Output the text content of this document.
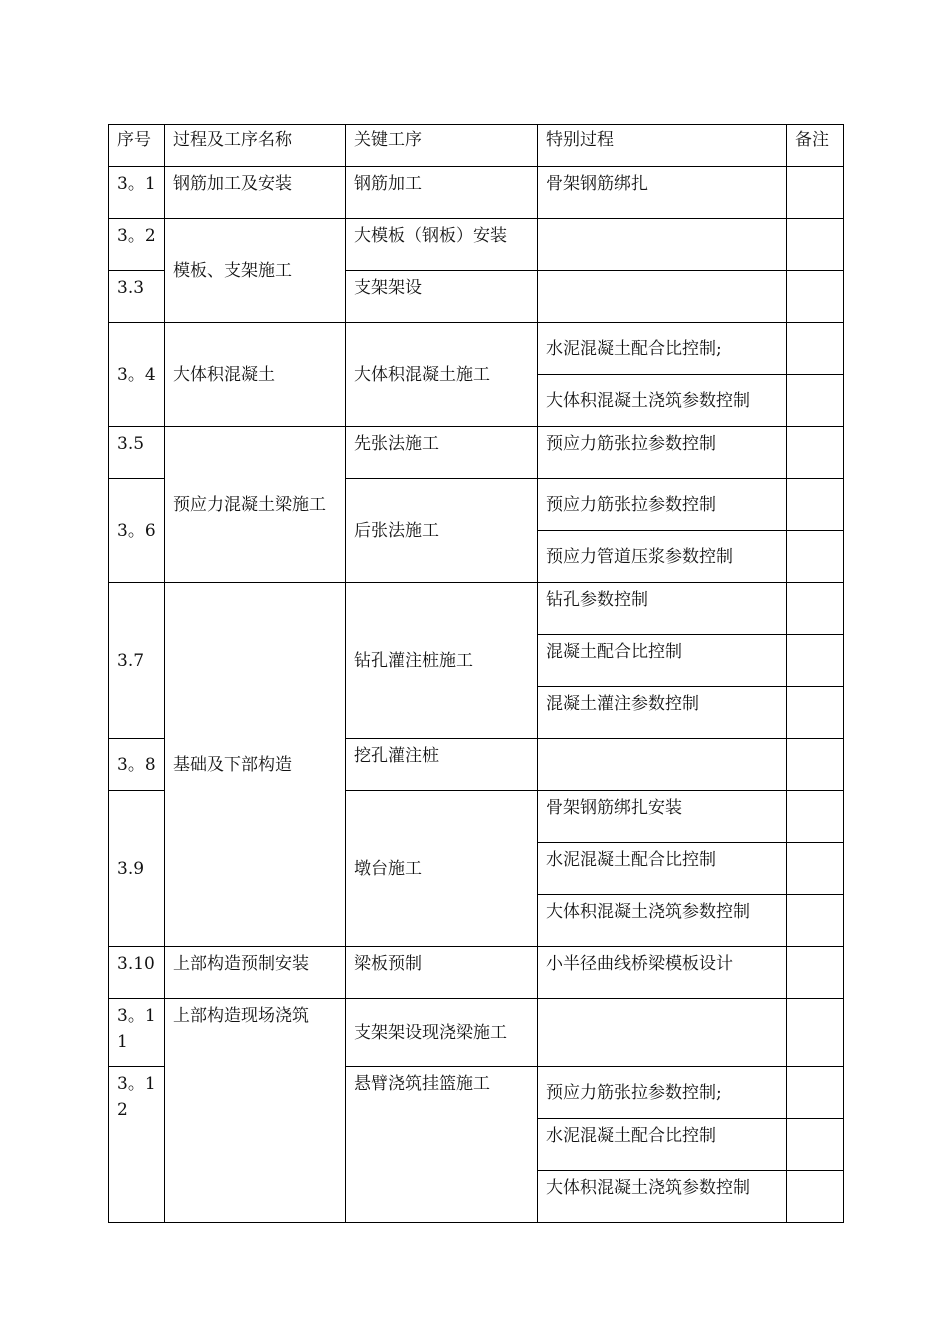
序号	过程及工序名称	关键工序	特别过程	备注
3。1	钢筋加工及安装	钢筋加工	骨架钢筋绑扎	
3。2	模板、支架施工	大模板（钢板）安装		
3.3		支架架设		
3。4	大体积混凝土	大体积混凝土施工	水泥混凝土配合比控制;	
			大体积混凝土浇筑参数控制	
3.5	预应力混凝土梁施工	先张法施工	预应力筋张拉参数控制	
3。6		后张法施工	预应力筋张拉参数控制	
			预应力管道压浆参数控制	
3.7	基础及下部构造	钻孔灌注桩施工	钻孔参数控制	
			混凝土配合比控制	
			混凝土灌注参数控制	
3。8		挖孔灌注桩		
3.9		墩台施工	骨架钢筋绑扎安装	
			水泥混凝土配合比控制	
			大体积混凝土浇筑参数控制	
3.10	上部构造预制安装	梁板预制	小半径曲线桥梁模板设计	
3。11	上部构造现场浇筑	支架架设现浇梁施工		
3。12		悬臂浇筑挂篮施工	预应力筋张拉参数控制;	
			水泥混凝土配合比控制	
			大体积混凝土浇筑参数控制	
